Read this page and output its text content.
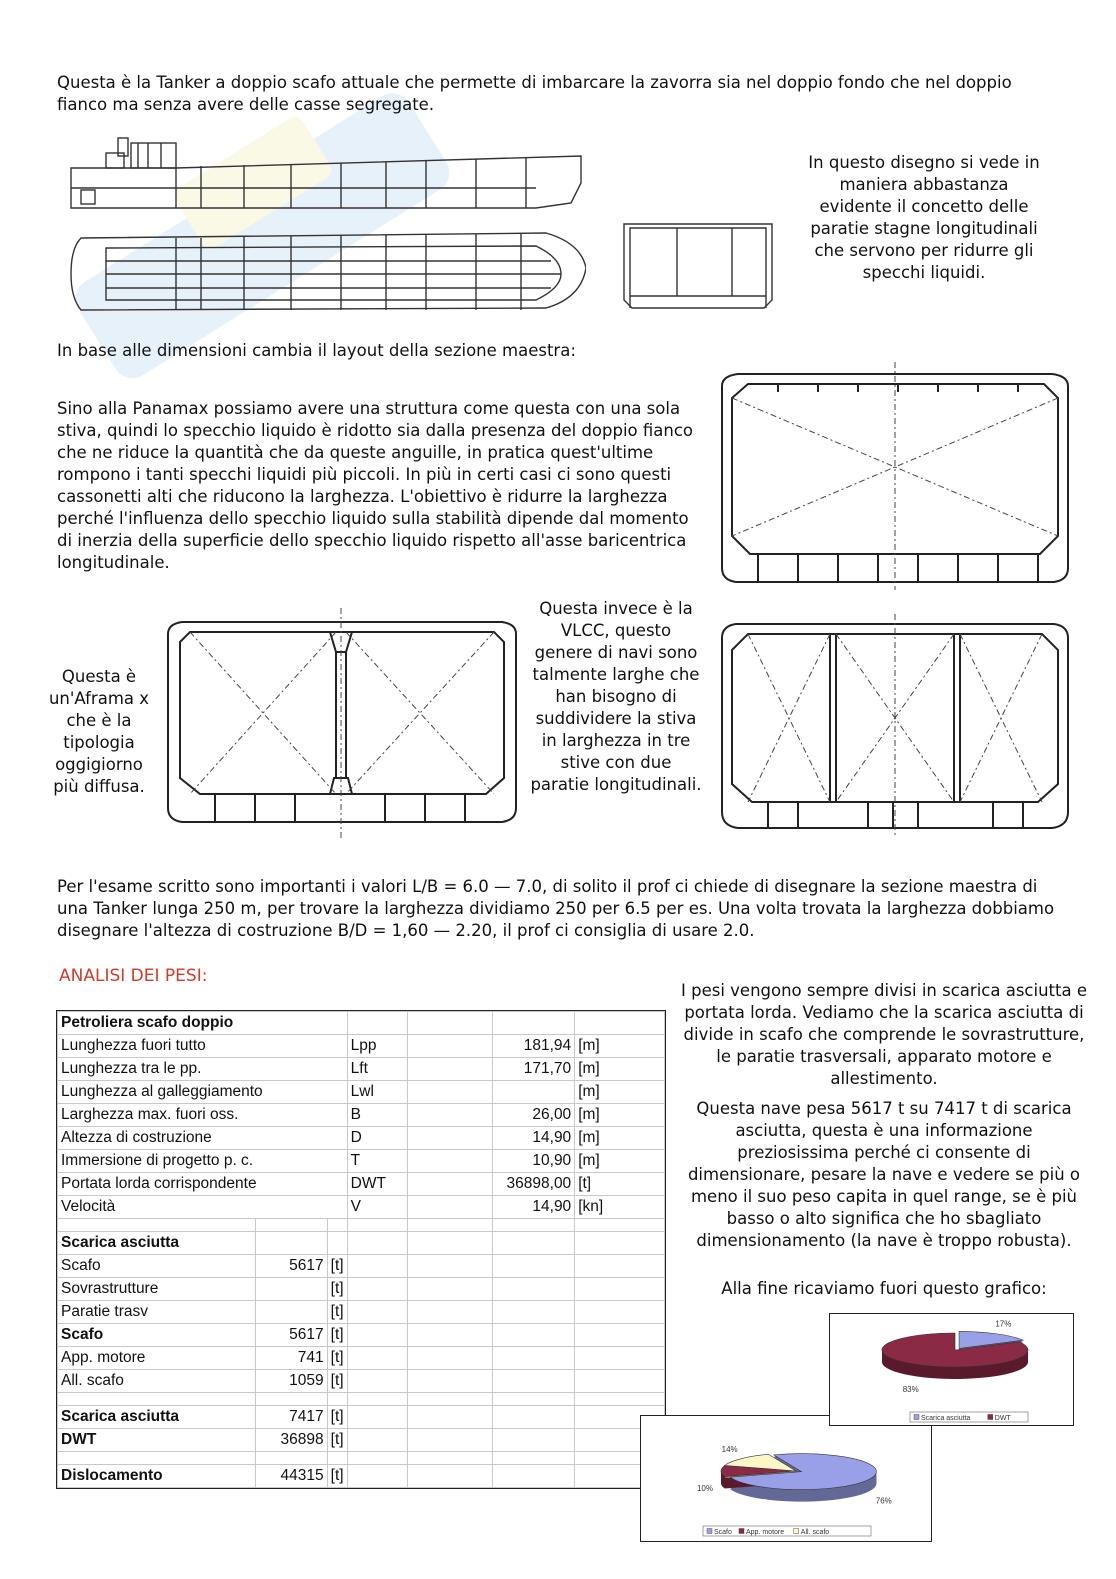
Questa è la Tanker a doppio scafo attuale che permette di imbarcare la zavorra sia nel doppio fondo che nel doppio fianco ma senza avere delle casse segregate.
In questo disegno si vede in maniera abbastanza evidente il concetto delle paratie stagne longitudinali che servono per ridurre gli specchi liquidi.
In base alle dimensioni cambia il layout della sezione maestra:
Sino alla Panamax possiamo avere una struttura come questa con una sola stiva, quindi lo specchio liquido è ridotto sia dalla presenza del doppio fianco che ne riduce la quantità che da queste anguille, in pratica quest'ultime rompono i tanti specchi liquidi più piccoli. In più in certi casi ci sono questi cassonetti alti che riducono la larghezza. L'obiettivo è ridurre la larghezza perché l'influenza dello specchio liquido sulla stabilità dipende dal momento di inerzia della superficie dello specchio liquido rispetto all'asse baricentrica longitudinale.
Questa è un'Aframa x che è la tipologia oggigiorno più diffusa.
Questa invece è la VLCC, questo genere di navi sono talmente larghe che han bisogno di suddividere la stiva in larghezza in tre stive con due paratie longitudinali.
Per l'esame scritto sono importanti i valori L/B = 6.0 — 7.0, di solito il prof ci chiede di disegnare la sezione maestra di una Tanker lunga 250 m, per trovare la larghezza dividiamo 250 per 6.5 per es. Una volta trovata la larghezza dobbiamo disegnare l'altezza di costruzione B/D = 1,60 — 2.20, il prof ci consiglia di usare 2.0.
ANALISI DEI PESI:
Petroliera scafo doppio						
Lunghezza fuori tutto			Lpp		181,94	[m]
Lunghezza tra le pp.			Lft		171,70	[m]
Lunghezza al galleggiamento			Lwl			[m]
Larghezza max. fuori oss.			B		26,00	[m]
Altezza di costruzione			D		14,90	[m]
Immersione di progetto p. c.			T		10,90	[m]
Portata lorda corrispondente			DWT		36898,00	[t]
Velocità			V		14,90	[kn]

Scarica asciutta						
Scafo	5617	[t]				
Sovrastrutture		[t]				
Paratie trasv		[t]				
Scafo	5617	[t]				
App. motore	741	[t]				
All. scafo	1059	[t]				

Scarica asciutta	7417	[t]				
DWT	36898	[t]				

Dislocamento	44315	[t]				
I pesi vengono sempre divisi in scarica asciutta e portata lorda. Vediamo che la scarica asciutta di divide in scafo che comprende le sovrastrutture, le paratie trasversali, apparato motore e allestimento.
Questa nave pesa 5617 t su 7417 t di scarica asciutta, questa è una informazione preziosissima perché ci consente di dimensionare, pesare la nave e vedere se più o meno il suo peso capita in quel range, se è più basso o alto significa che ho sbagliato dimensionamento (la nave è troppo robusta).
Alla fine ricaviamo fuori questo grafico:
76%
10%
14%
Scafo App. motore All. scafo
17%
83%
Scarica asciutta	DWT
